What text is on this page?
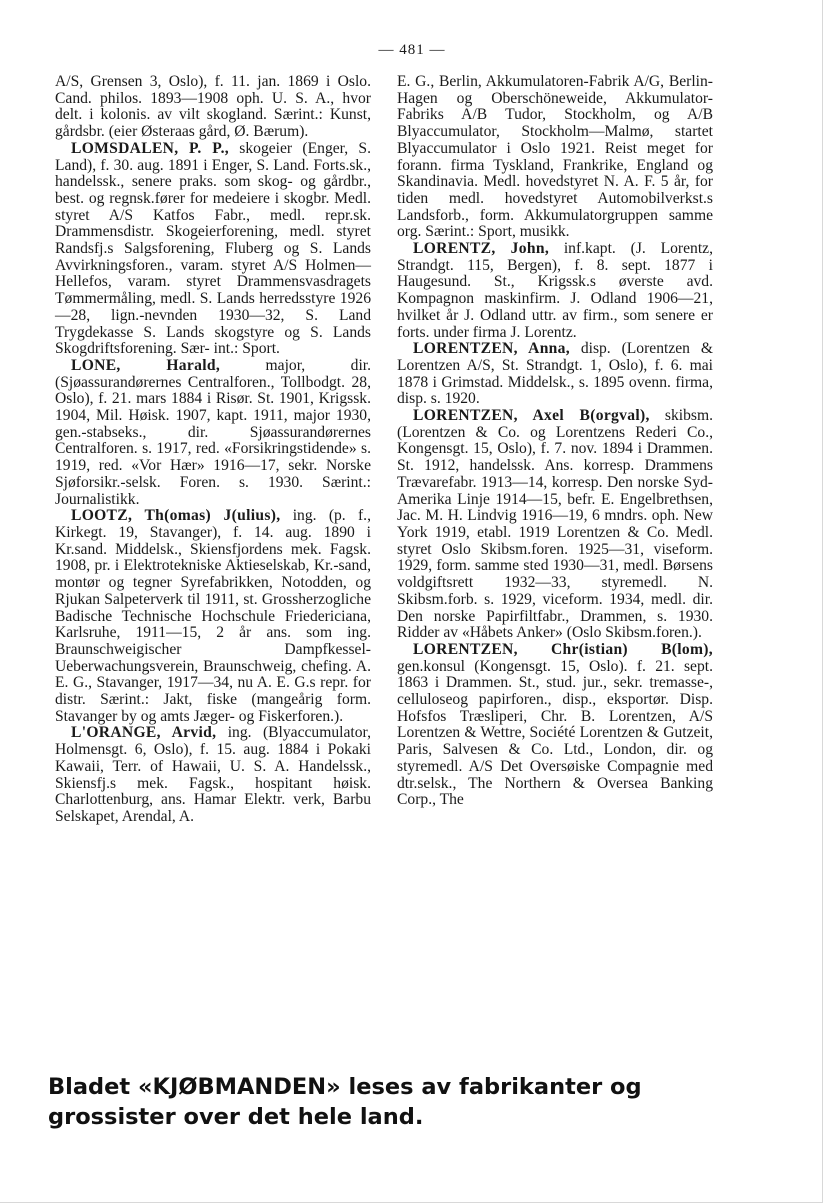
— 481 —

A/S, Grensen 3, Oslo), f. 11. jan. 1869 i Oslo. Cand. philos. 1893—1908 oph. U. S. A., hvor delt. i kolonis. av vilt skogland. Særint.: Kunst, gårdsbr. (eier Østeraas gård, Ø. Bærum).

LOMSDALEN, P. P., skogeier (Enger, S. Land), f. 30. aug. 1891 i Enger, S. Land. Forts.sk., handelssk., senere praks. som skog- og gårdbr., best. og regnsk.fører for medeiere i skogbr. Medl. styret A/S Katfos Fabr., medl. repr.sk. Drammensdistr. Skogeierforening, medl. styret Randsfj.s Salgsforening, Fluberg og S. Lands Avvirkningsforen., varam. styret A/S Holmen—Hellefos, varam. styret Drammensvasdragets Tømmermåling, medl. S. Lands herredsstyre 1926—28, lign.-nevnden 1930—32, S. Land Trygdekasse S. Lands skogstyre og S. Lands Skogdriftsforening. Sær- int.: Sport.

LONE, Harald, major, dir. (Sjøassurandørernes Centralforen., Tollbodgt. 28, Oslo), f. 21. mars 1884 i Risør. St. 1901, Krigssk. 1904, Mil. Høisk. 1907, kapt. 1911, major 1930, gen.-stabseks., dir. Sjøassurandørernes Centralforen. s. 1917, red. «Forsikringstidende» s. 1919, red. «Vor Hær» 1916—17, sekr. Norske Sjøforsikr.-selsk. Foren. s. 1930. Særint.: Journalistikk.

LOOTZ, Th(omas) J(ulius), ing. (p. f., Kirkegt. 19, Stavanger), f. 14. aug. 1890 i Kr.sand. Middelsk., Skiensfjordens mek. Fagsk. 1908, pr. i Elektrotekniske Aktieselskab, Kr.-sand, montør og tegner Syrefabrikken, Notodden, og Rjukan Salpeterverk til 1911, st. Grossherzogliche Badische Technische Hochschule Friedericiana, Karlsruhe, 1911—15, 2 år ans. som ing. Braunschweigischer Dampfkessel-Ueberwachungsverein, Braunschweig, chefing. A. E. G., Stavanger, 1917—34, nu A. E. G.s repr. for distr. Særint.: Jakt, fiske (mangeårig form. Stavanger by og amts Jæger- og Fiskerforen.).

L'ORANGE, Arvid, ing. (Blyaccumulator, Holmensgt. 6, Oslo), f. 15. aug. 1884 i Pokaki Kawaii, Terr. of Hawaii, U. S. A. Handelssk., Skiensfj.s mek. Fagsk., hospitant høisk. Charlottenburg, ans. Hamar Elektr. verk, Barbu Selskapet, Arendal, A.

E. G., Berlin, Akkumulatoren-Fabrik A/G, Berlin-Hagen og Oberschöneweide, Akkumulator-Fabriks A/B Tudor, Stockholm, og A/B Blyaccumulator, Stockholm—Malmø, startet Blyaccumulator i Oslo 1921. Reist meget for forann. firma Tyskland, Frankrike, England og Skandinavia. Medl. hovedstyret N. A. F. 5 år, for tiden medl. hovedstyret Automobilverkst.s Landsforb., form. Akkumulatorgruppen samme org. Særint.: Sport, musikk.

LORENTZ, John, inf.kapt. (J. Lorentz, Strandgt. 115, Bergen), f. 8. sept. 1877 i Haugesund. St., Krigssk.s øverste avd. Kompagnon maskinfirm. J. Odland 1906—21, hvilket år J. Odland uttr. av firm., som senere er forts. under firma J. Lorentz.

LORENTZEN, Anna, disp. (Lorentzen & Lorentzen A/S, St. Strandgt. 1, Oslo), f. 6. mai 1878 i Grimstad. Middelsk., s. 1895 ovenn. firma, disp. s. 1920.

LORENTZEN, Axel B(orgval), skibsm. (Lorentzen & Co. og Lorentzens Rederi Co., Kongensgt. 15, Oslo), f. 7. nov. 1894 i Drammen. St. 1912, handelssk. Ans. korresp. Drammens Trævarefabr. 1913—14, korresp. Den norske Syd-Amerika Linje 1914—15, befr. E. Engelbrethsen, Jac. M. H. Lindvig 1916—19, 6 mndrs. oph. New York 1919, etabl. 1919 Lorentzen & Co. Medl. styret Oslo Skibsm.foren. 1925—31, viseform. 1929, form. samme sted 1930—31, medl. Børsens voldgiftsrett 1932—33, styremedl. N. Skibsm.forb. s. 1929, viceform. 1934, medl. dir. Den norske Papirfiltfabr., Drammen, s. 1930. Ridder av «Håbets Anker» (Oslo Skibsm.foren.).

LORENTZEN, Chr(istian) B(lom), gen.konsul (Kongensgt. 15, Oslo). f. 21. sept. 1863 i Drammen. St., stud. jur., sekr. tremasse-, celluloseog papirforen., disp., eksportør. Disp. Hofsfos Træsliperi, Chr. B. Lorentzen, A/S Lorentzen & Wettre, Société Lorentzen & Gutzeit, Paris, Salvesen & Co. Ltd., London, dir. og styremedl. A/S Det Oversøiske Compagnie med dtr.selsk., The Northern & Oversea Banking Corp., The

Bladet «KJØBMANDEN» leses av fabrikanter og grossister over det hele land.
